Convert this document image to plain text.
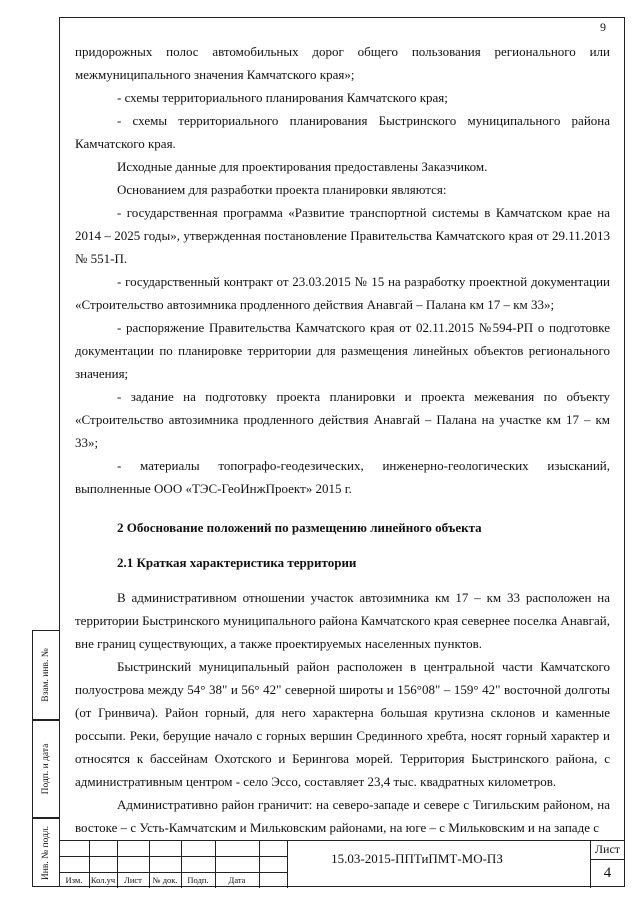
9

придорожных полос автомобильных дорог общего пользования регионального или межмуниципального значения Камчатского края»;

- схемы территориального планирования Камчатского края;

- схемы территориального планирования Быстринского муниципального района Камчатского края.

Исходные данные для проектирования предоставлены Заказчиком.

Основанием для разработки проекта планировки являются:

- государственная программа «Развитие транспортной системы в Камчатском крае на 2014 – 2025 годы», утвержденная постановление Правительства Камчатского края от 29.11.2013 № 551-П.

- государственный контракт от 23.03.2015 № 15 на разработку проектной документации «Строительство автозимника продленного действия Анавгай – Палана км 17 – км 33»;

- распоряжение Правительства Камчатского края от 02.11.2015 №594-РП о подготовке документации по планировке территории для размещения линейных объектов регионального значения;

- задание на подготовку проекта планировки и проекта межевания по объекту «Строительство автозимника продленного действия Анавгай – Палана на участке км 17 – км 33»;

- материалы топографо-геодезических, инженерно-геологических изысканий, выполненные ООО «ТЭС-ГеоИнжПроект» 2015 г.

2 Обоснование положений по размещению линейного объекта

2.1 Краткая характеристика территории

В административном отношении участок автозимника км 17 – км 33 расположен на территории Быстринского муниципального района Камчатского края севернее поселка Анавгай, вне границ существующих, а также проектируемых населенных пунктов.

Быстринский муниципальный район расположен в центральной части Камчатского полуострова между 54° 38" и 56° 42" северной широты и 156°08" – 159° 42" восточной долготы (от Гринвича). Район горный, для него характерна большая крутизна склонов и каменные россыпи. Реки, берущие начало с горных вершин Срединного хребта, носят горный характер и относятся к бассейнам Охотского и Берингова морей. Территория Быстринского района, с административным центром - село Эссо, составляет 23,4 тыс. квадратных километров.

Административно район граничит: на северо-западе и севере с Тигильским районом, на востоке – с Усть-Камчатским и Мильковским районами, на юге – с Мильковским и на западе с

Взам. инв. №
Подп. и дата
Инв. № подл.
Изм. Кол.уч	Лист	№ док.	Подп.	Дата
15.03-2015-ППТиПМТ-МО-ПЗ
Лист
4
